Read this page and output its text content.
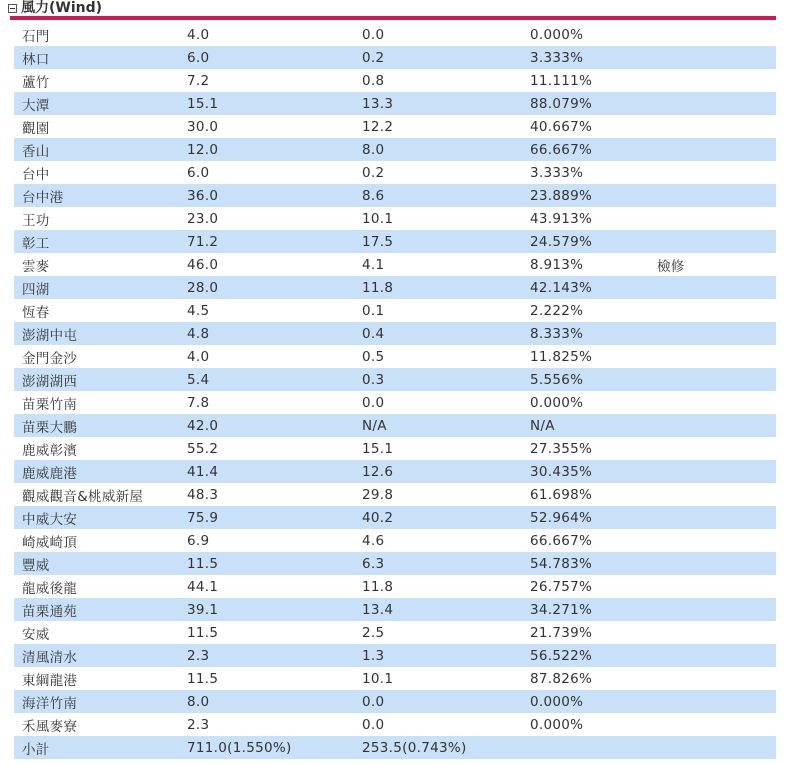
風力(Wind)
石門	4.0	0.0	0.000%
林口	6.0	0.2	3.333%
蘆竹	7.2	0.8	11.111%
大潭	15.1	13.3	88.079%
觀園	30.0	12.2	40.667%
香山	12.0	8.0	66.667%
台中	6.0	0.2	3.333%
台中港	36.0	8.6	23.889%
王功	23.0	10.1	43.913%
彰工	71.2	17.5	24.579%
雲麥	46.0	4.1	8.913%	檢修
四湖	28.0	11.8	42.143%
恆春	4.5	0.1	2.222%
澎湖中屯	4.8	0.4	8.333%
金門金沙	4.0	0.5	11.825%
澎湖湖西	5.4	0.3	5.556%
苗栗竹南	7.8	0.0	0.000%
苗栗大鵬	42.0	N/A	N/A
鹿威彰濱	55.2	15.1	27.355%
鹿威鹿港	41.4	12.6	30.435%
觀威觀音&桃威新屋	48.3	29.8	61.698%
中威大安	75.9	40.2	52.964%
崎威崎頂	6.9	4.6	66.667%
豐威	11.5	6.3	54.783%
龍威後龍	44.1	11.8	26.757%
苗栗通苑	39.1	13.4	34.271%
安威	11.5	2.5	21.739%
清風清水	2.3	1.3	56.522%
東綱龍港	11.5	10.1	87.826%
海洋竹南	8.0	0.0	0.000%
禾風麥寮	2.3	0.0	0.000%
小計	711.0(1.550%)	253.5(0.743%)
